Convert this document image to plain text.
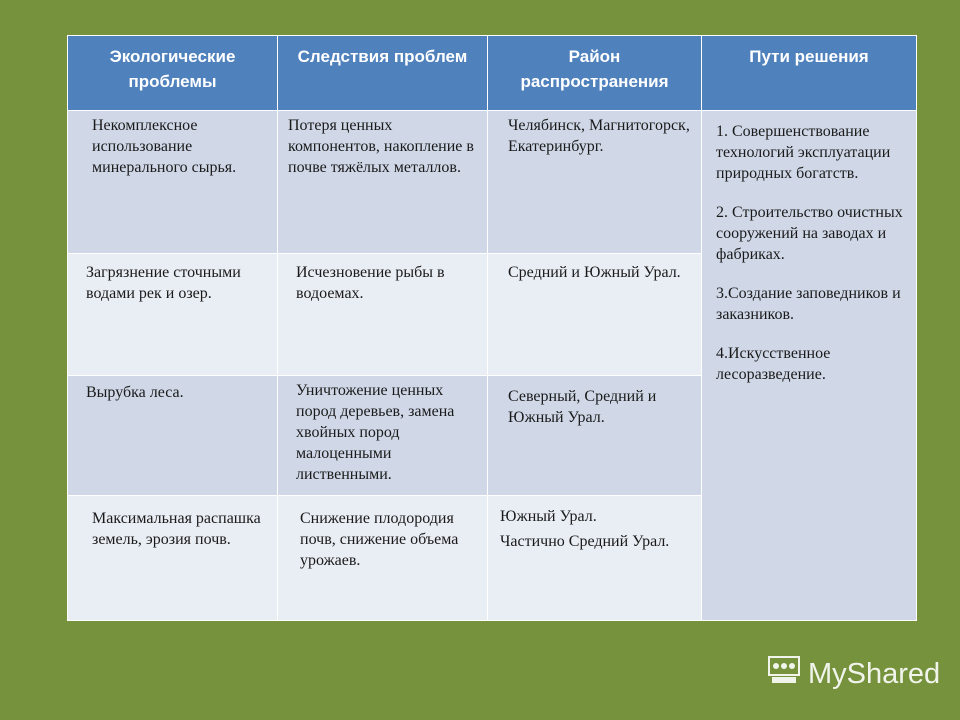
Экологические проблемы	Следствия проблем	Район распространения	Пути решения

Некомплексное использование минерального сырья.	Потеря ценных компонентов, накопление в почве тяжёлых металлов.	Челябинск, Магнитогорск, Екатеринбург.	1. Совершенствование технологий эксплуатации природных богатств.

2. Строительство очистных сооружений на заводах и фабриках.

3.Создание заповедников и заказников.

4.Искусственное лесоразведение.

Загрязнение сточными водами рек и озер.	Исчезновение рыбы в водоемах.	Средний и Южный Урал.	

Вырубка леса.	Уничтожение ценных пород деревьев, замена хвойных пород малоценными лиственными.	Северный, Средний и Южный Урал.	

Максимальная распашка земель, эрозия почв.	Снижение плодородия почв, снижение объема урожаев.	Южный Урал.
Частично Средний Урал.	
MyShared
